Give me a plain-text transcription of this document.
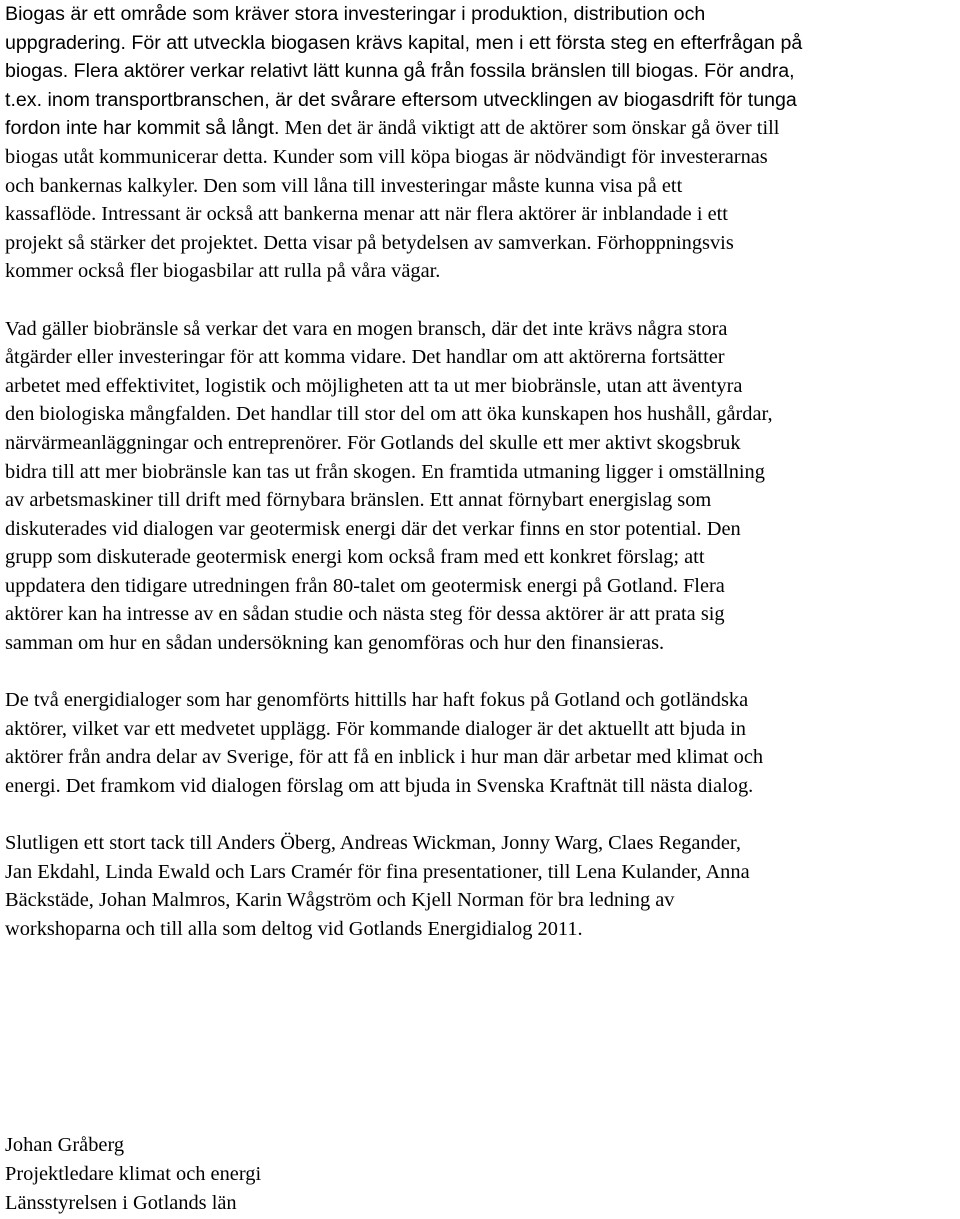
Biogas är ett område som kräver stora investeringar i produktion, distribution och
uppgradering. För att utveckla biogasen krävs kapital, men i ett första steg en efterfrågan på
biogas. Flera aktörer verkar relativt lätt kunna gå från fossila bränslen till biogas. För andra,
t.ex. inom transportbranschen, är det svårare eftersom utvecklingen av biogasdrift för tunga
fordon inte har kommit så långt. Men det är ändå viktigt att de aktörer som önskar gå över till
biogas utåt kommunicerar detta. Kunder som vill köpa biogas är nödvändigt för investerarnas
och bankernas kalkyler. Den som vill låna till investeringar måste kunna visa på ett
kassaflöde. Intressant är också att bankerna menar att när flera aktörer är inblandade i ett
projekt så stärker det projektet. Detta visar på betydelsen av samverkan. Förhoppningsvis
kommer också fler biogasbilar att rulla på våra vägar.

Vad gäller biobränsle så verkar det vara en mogen bransch, där det inte krävs några stora
åtgärder eller investeringar för att komma vidare. Det handlar om att aktörerna fortsätter
arbetet med effektivitet, logistik och möjligheten att ta ut mer biobränsle, utan att äventyra
den biologiska mångfalden. Det handlar till stor del om att öka kunskapen hos hushåll, gårdar,
närvärmeanläggningar och entreprenörer. För Gotlands del skulle ett mer aktivt skogsbruk
bidra till att mer biobränsle kan tas ut från skogen. En framtida utmaning ligger i omställning
av arbetsmaskiner till drift med förnybara bränslen. Ett annat förnybart energislag som
diskuterades vid dialogen var geotermisk energi där det verkar finns en stor potential. Den
grupp som diskuterade geotermisk energi kom också fram med ett konkret förslag; att
uppdatera den tidigare utredningen från 80-talet om geotermisk energi på Gotland. Flera
aktörer kan ha intresse av en sådan studie och nästa steg för dessa aktörer är att prata sig
samman om hur en sådan undersökning kan genomföras och hur den finansieras.

De två energidialoger som har genomförts hittills har haft fokus på Gotland och gotländska
aktörer, vilket var ett medvetet upplägg. För kommande dialoger är det aktuellt att bjuda in
aktörer från andra delar av Sverige, för att få en inblick i hur man där arbetar med klimat och
energi. Det framkom vid dialogen förslag om att bjuda in Svenska Kraftnät till nästa dialog.

Slutligen ett stort tack till Anders Öberg, Andreas Wickman, Jonny Warg, Claes Regander,
Jan Ekdahl, Linda Ewald och Lars Cramér för fina presentationer, till Lena Kulander, Anna
Bäckstäde, Johan Malmros, Karin Wågström och Kjell Norman för bra ledning av
workshoparna och till alla som deltog vid Gotlands Energidialog 2011.

Johan Gråberg
Projektledare klimat och energi
Länsstyrelsen i Gotlands län
